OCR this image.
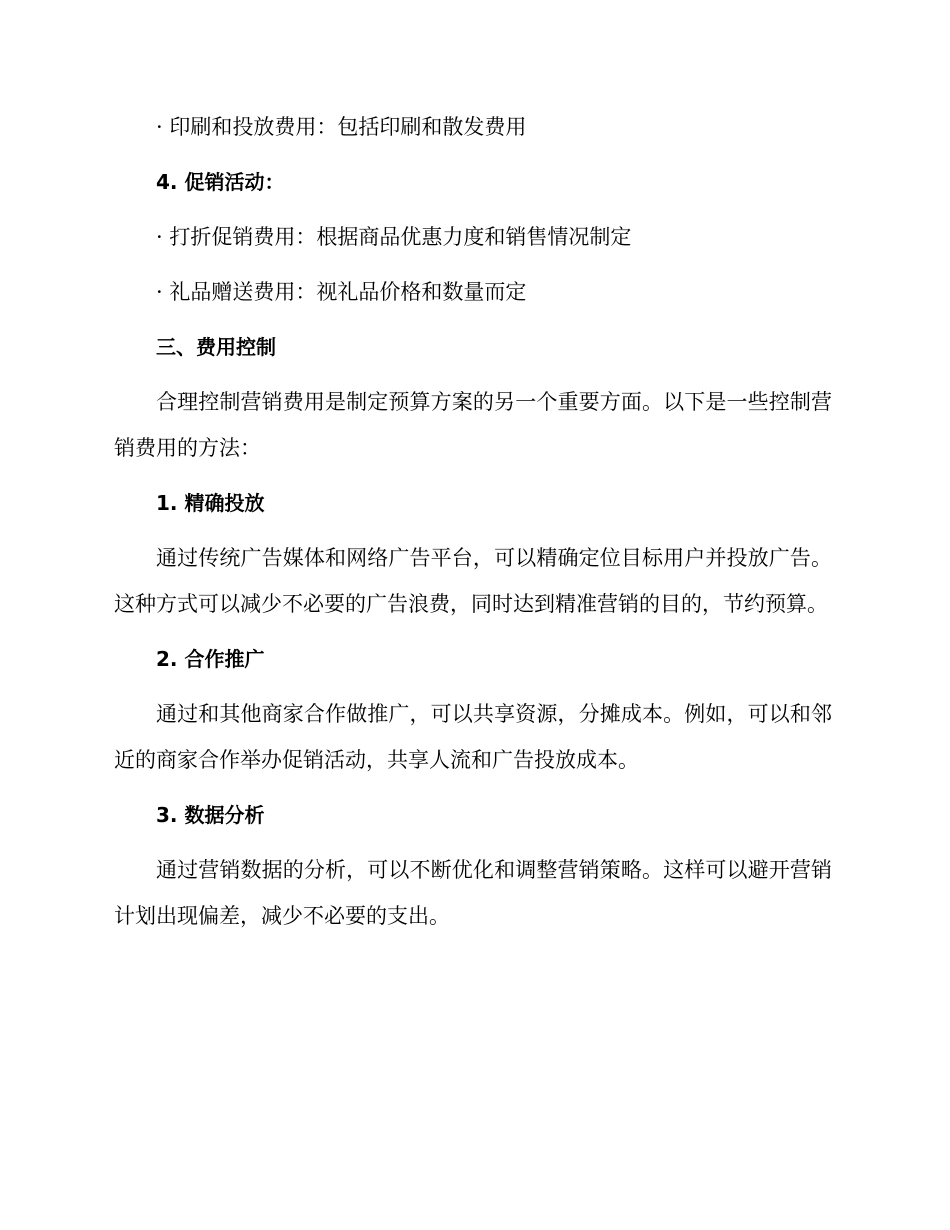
· 印刷和投放费用：包括印刷和散发费用

4. 促销活动：

· 打折促销费用：根据商品优惠力度和销售情况制定

· 礼品赠送费用：视礼品价格和数量而定

三、费用控制

合理控制营销费用是制定预算方案的另一个重要方面。以下是一些控制营销费用的方法：

1. 精确投放

通过传统广告媒体和网络广告平台，可以精确定位目标用户并投放广告。这种方式可以减少不必要的广告浪费，同时达到精准营销的目的，节约预算。

2. 合作推广

通过和其他商家合作做推广，可以共享资源，分摊成本。例如，可以和邻近的商家合作举办促销活动，共享人流和广告投放成本。

3. 数据分析

通过营销数据的分析，可以不断优化和调整营销策略。这样可以避开营销计划出现偏差，减少不必要的支出。
